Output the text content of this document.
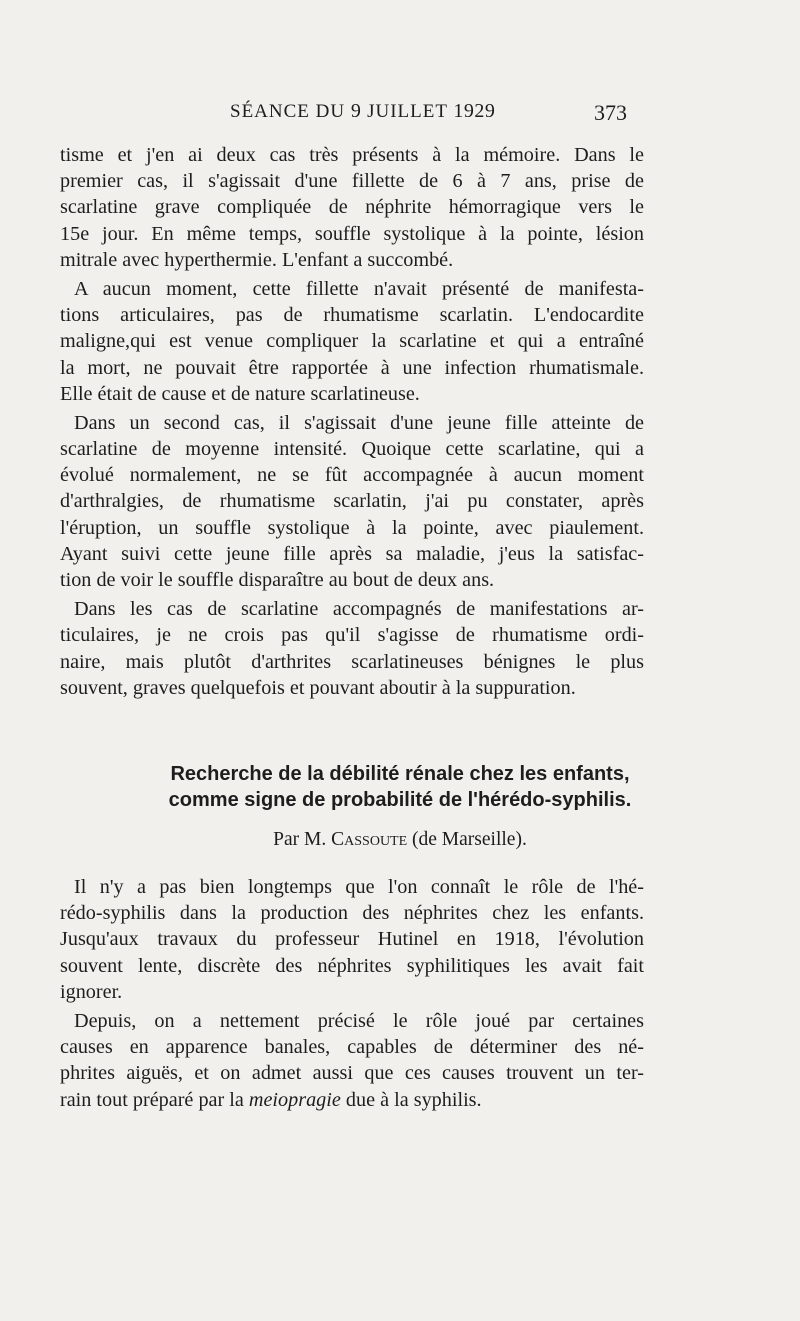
SÉANCE DU 9 JUILLET 1929	373
tisme et j'en ai deux cas très présents à la mémoire. Dans le
premier cas, il s'agissait d'une fillette de 6 à 7 ans, prise de
scarlatine grave compliquée de néphrite hémorragique vers le
15e jour. En même temps, souffle systolique à la pointe, lésion
mitrale avec hyperthermie. L'enfant a succombé.
A aucun moment, cette fillette n'avait présenté de manifesta-
tions articulaires, pas de rhumatisme scarlatin. L'endocardite
maligne,qui est venue compliquer la scarlatine et qui a entraîné
la mort, ne pouvait être rapportée à une infection rhumatismale.
Elle était de cause et de nature scarlatineuse.
Dans un second cas, il s'agissait d'une jeune fille atteinte de
scarlatine de moyenne intensité. Quoique cette scarlatine, qui a
évolué normalement, ne se fût accompagnée à aucun moment
d'arthralgies, de rhumatisme scarlatin, j'ai pu constater, après
l'éruption, un souffle systolique à la pointe, avec piaulement.
Ayant suivi cette jeune fille après sa maladie, j'eus la satisfac-
tion de voir le souffle disparaître au bout de deux ans.
Dans les cas de scarlatine accompagnés de manifestations ar-
ticulaires, je ne crois pas qu'il s'agisse de rhumatisme ordi-
naire, mais plutôt d'arthrites scarlatineuses bénignes le plus
souvent, graves quelquefois et pouvant aboutir à la suppuration.
Recherche de la débilité rénale chez les enfants,
comme signe de probabilité de l'hérédo-syphilis.
Par M. Cassoute (de Marseille).
Il n'y a pas bien longtemps que l'on connaît le rôle de l'hé-
rédo-syphilis dans la production des néphrites chez les enfants.
Jusqu'aux travaux du professeur Hutinel en 1918, l'évolution
souvent lente, discrète des néphrites syphilitiques les avait fait
ignorer.
Depuis, on a nettement précisé le rôle joué par certaines
causes en apparence banales, capables de déterminer des né-
phrites aiguës, et on admet aussi que ces causes trouvent un ter-
rain tout préparé par la meiopragie due à la syphilis.
